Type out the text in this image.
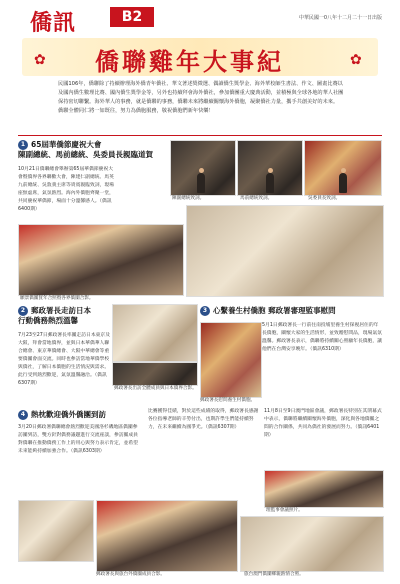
僑訊	B2	中華民國一0八年十二月二十一日出版
✿	✿
僑聯雞年大事紀
民國106年，僑聯除了持續辦理海外僑青年僑社、華文著述獎徵選、偶讀僑生獎學金、海外華校師生書法、作文、圖畫比賽以及國內僑生數理比賽、國內僑生獎學金等，另外也持續拜會海外僑社，參加僑團重大慶典活動，並積極與全球各地的華人社團保持密切聯繫。海外華人的事務，就是僑聯的事務，僑聯未來將繼續關懷海外僑胞，凝聚僑社力量，攜手共創美好的未來。
僑聯全體同仁將一如既往，努力為僑胞服務，敬祝僑胞們新年快樂！
1 65屆華僑節慶祝大會
陳副總統、馬前總統、吳委員長親臨道賀
10月21日僑聯總會舉辦第65屆華僑節慶祝大會暨僑界各界聯歡大會，陳建仁副總統、馬英九前總統、吳敦義主席等貴賓親臨致詞，現場座無虛席，氣氛熱烈。海內外僑胞齊聚一堂，共同慶祝華僑節，場面十分溫馨感人。（僑訊6400期）
陳副總統致詞。	馬前總統致詞。	吳委員長致詞。
願景僑團賀年合照暨各界僑團合影。
2 郵政署長走訪日本
行動僑務熱烈溫馨
7月23至27日郵政署長率團走訪日本東京及大阪，拜會當地僑界，並與日本華僑華人聯合總會、東京華僑總會、大阪中華總會等重要僑團會面交流。同時也參訪當地華僑學校與僑社，了解日本僑胞的生活情況與需求。此行受到熱烈歡迎，氣氛溫馨融洽。（僑訊6307期）
郵政署長出訪全體成員與日本僑界合影。
3 心繫養生村僑胞 郵政署審理監事慰問
5月1日郵政署長一行前往南投埔里養生村探視居住的年長僑胞，關懷大家的生活情形，並致贈慰問品，現場氣氛溫馨。郵政署長表示，僑聯將持續關心照顧年長僑胞，讓他們在台灣安享晚年。（僑訊6310期）
郵政署長慰問養生村僑胞。
4 熱枕歡迎僑外僑團到訪
3月20日郵政署僑聯總會熱烈歡迎美國洛杉磯地區僑團參訪團到訪，雙方針對僑務議題進行交流座談，參訪團成員對僑聯在推動僑務工作上的用心與努力表示肯定，並希望未來能夠持續加強合作。（僑訊6303期）
比賽獲得佳績，對於這些成績的取得，郵政署長感謝各位指導老師的辛勞付出，也期許學生們能持續努力，在未來繼續為國爭光。（僑訊6307期）
11月8日至9日澳門地區會議，郵政署長特別在其閉幕式中表示，僑聯將繼續關懷海外僑胞，深化與各地僑團之間的合作關係，共同為僑社的發展而努力。（僑訊6401期）
理監事會議照片。
郵政署長與旅台外僑團成員合影。	旅台澳門僑團鄉親熱情合照。
